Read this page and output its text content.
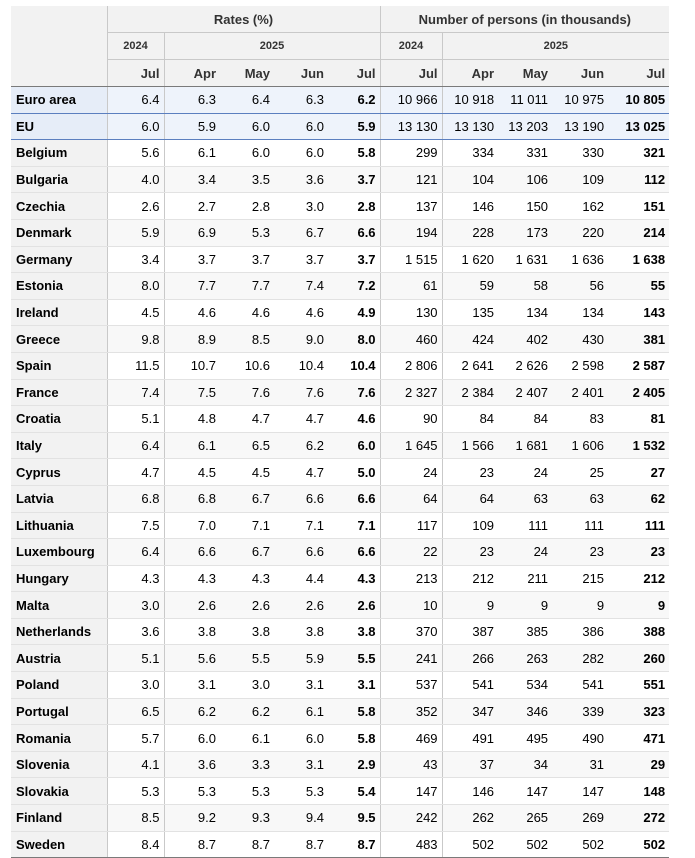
	Rates (%)					Number of persons (in thousands)				
	2024	2025				2024	2025			
	Jul	Apr	May	Jun	Jul	Jul	Apr	May	Jun	Jul
Euro area	6.4	6.3	6.4	6.3	6.2	10 966	10 918	11 011	10 975	10 805
EU	6.0	5.9	6.0	6.0	5.9	13 130	13 130	13 203	13 190	13 025
Belgium	5.6	6.1	6.0	6.0	5.8	299	334	331	330	321
Bulgaria	4.0	3.4	3.5	3.6	3.7	121	104	106	109	112
Czechia	2.6	2.7	2.8	3.0	2.8	137	146	150	162	151
Denmark	5.9	6.9	5.3	6.7	6.6	194	228	173	220	214
Germany	3.4	3.7	3.7	3.7	3.7	1 515	1 620	1 631	1 636	1 638
Estonia	8.0	7.7	7.7	7.4	7.2	61	59	58	56	55
Ireland	4.5	4.6	4.6	4.6	4.9	130	135	134	134	143
Greece	9.8	8.9	8.5	9.0	8.0	460	424	402	430	381
Spain	11.5	10.7	10.6	10.4	10.4	2 806	2 641	2 626	2 598	2 587
France	7.4	7.5	7.6	7.6	7.6	2 327	2 384	2 407	2 401	2 405
Croatia	5.1	4.8	4.7	4.7	4.6	90	84	84	83	81
Italy	6.4	6.1	6.5	6.2	6.0	1 645	1 566	1 681	1 606	1 532
Cyprus	4.7	4.5	4.5	4.7	5.0	24	23	24	25	27
Latvia	6.8	6.8	6.7	6.6	6.6	64	64	63	63	62
Lithuania	7.5	7.0	7.1	7.1	7.1	117	109	111	111	111
Luxembourg	6.4	6.6	6.7	6.6	6.6	22	23	24	23	23
Hungary	4.3	4.3	4.3	4.4	4.3	213	212	211	215	212
Malta	3.0	2.6	2.6	2.6	2.6	10	9	9	9	9
Netherlands	3.6	3.8	3.8	3.8	3.8	370	387	385	386	388
Austria	5.1	5.6	5.5	5.9	5.5	241	266	263	282	260
Poland	3.0	3.1	3.0	3.1	3.1	537	541	534	541	551
Portugal	6.5	6.2	6.2	6.1	5.8	352	347	346	339	323
Romania	5.7	6.0	6.1	6.0	5.8	469	491	495	490	471
Slovenia	4.1	3.6	3.3	3.1	2.9	43	37	34	31	29
Slovakia	5.3	5.3	5.3	5.3	5.4	147	146	147	147	148
Finland	8.5	9.2	9.3	9.4	9.5	242	262	265	269	272
Sweden	8.4	8.7	8.7	8.7	8.7	483	502	502	502	502
